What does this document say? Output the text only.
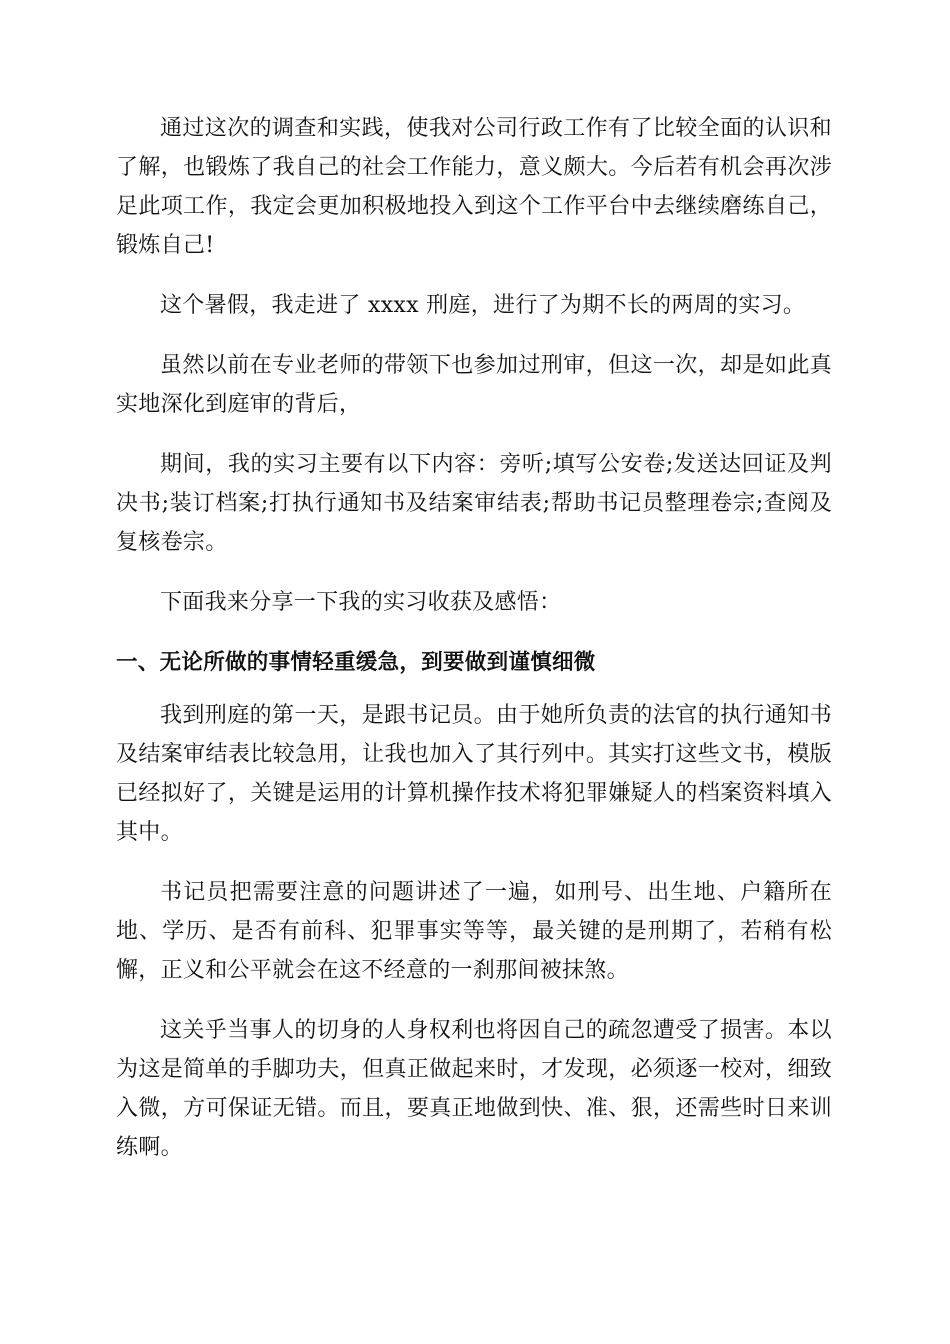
通过这次的调查和实践，使我对公司行政工作有了比较全面的认识和了解，也锻炼了我自己的社会工作能力，意义颇大。今后若有机会再次涉足此项工作，我定会更加积极地投入到这个工作平台中去继续磨练自己，锻炼自己!

这个暑假，我走进了 xxxx 刑庭，进行了为期不长的两周的实习。

虽然以前在专业老师的带领下也参加过刑审，但这一次，却是如此真实地深化到庭审的背后，

期间，我的实习主要有以下内容：旁听;填写公安卷;发送达回证及判决书;装订档案;打执行通知书及结案审结表;帮助书记员整理卷宗;查阅及复核卷宗。

下面我来分享一下我的实习收获及感悟：

一、无论所做的事情轻重缓急，到要做到谨慎细微

我到刑庭的第一天，是跟书记员。由于她所负责的法官的执行通知书及结案审结表比较急用，让我也加入了其行列中。其实打这些文书，模版已经拟好了，关键是运用的计算机操作技术将犯罪嫌疑人的档案资料填入其中。

书记员把需要注意的问题讲述了一遍，如刑号、出生地、户籍所在地、学历、是否有前科、犯罪事实等等，最关键的是刑期了，若稍有松懈，正义和公平就会在这不经意的一刹那间被抹煞。

这关乎当事人的切身的人身权利也将因自己的疏忽遭受了损害。本以为这是简单的手脚功夫，但真正做起来时，才发现，必须逐一校对，细致入微，方可保证无错。而且，要真正地做到快、准、狠，还需些时日来训练啊。
